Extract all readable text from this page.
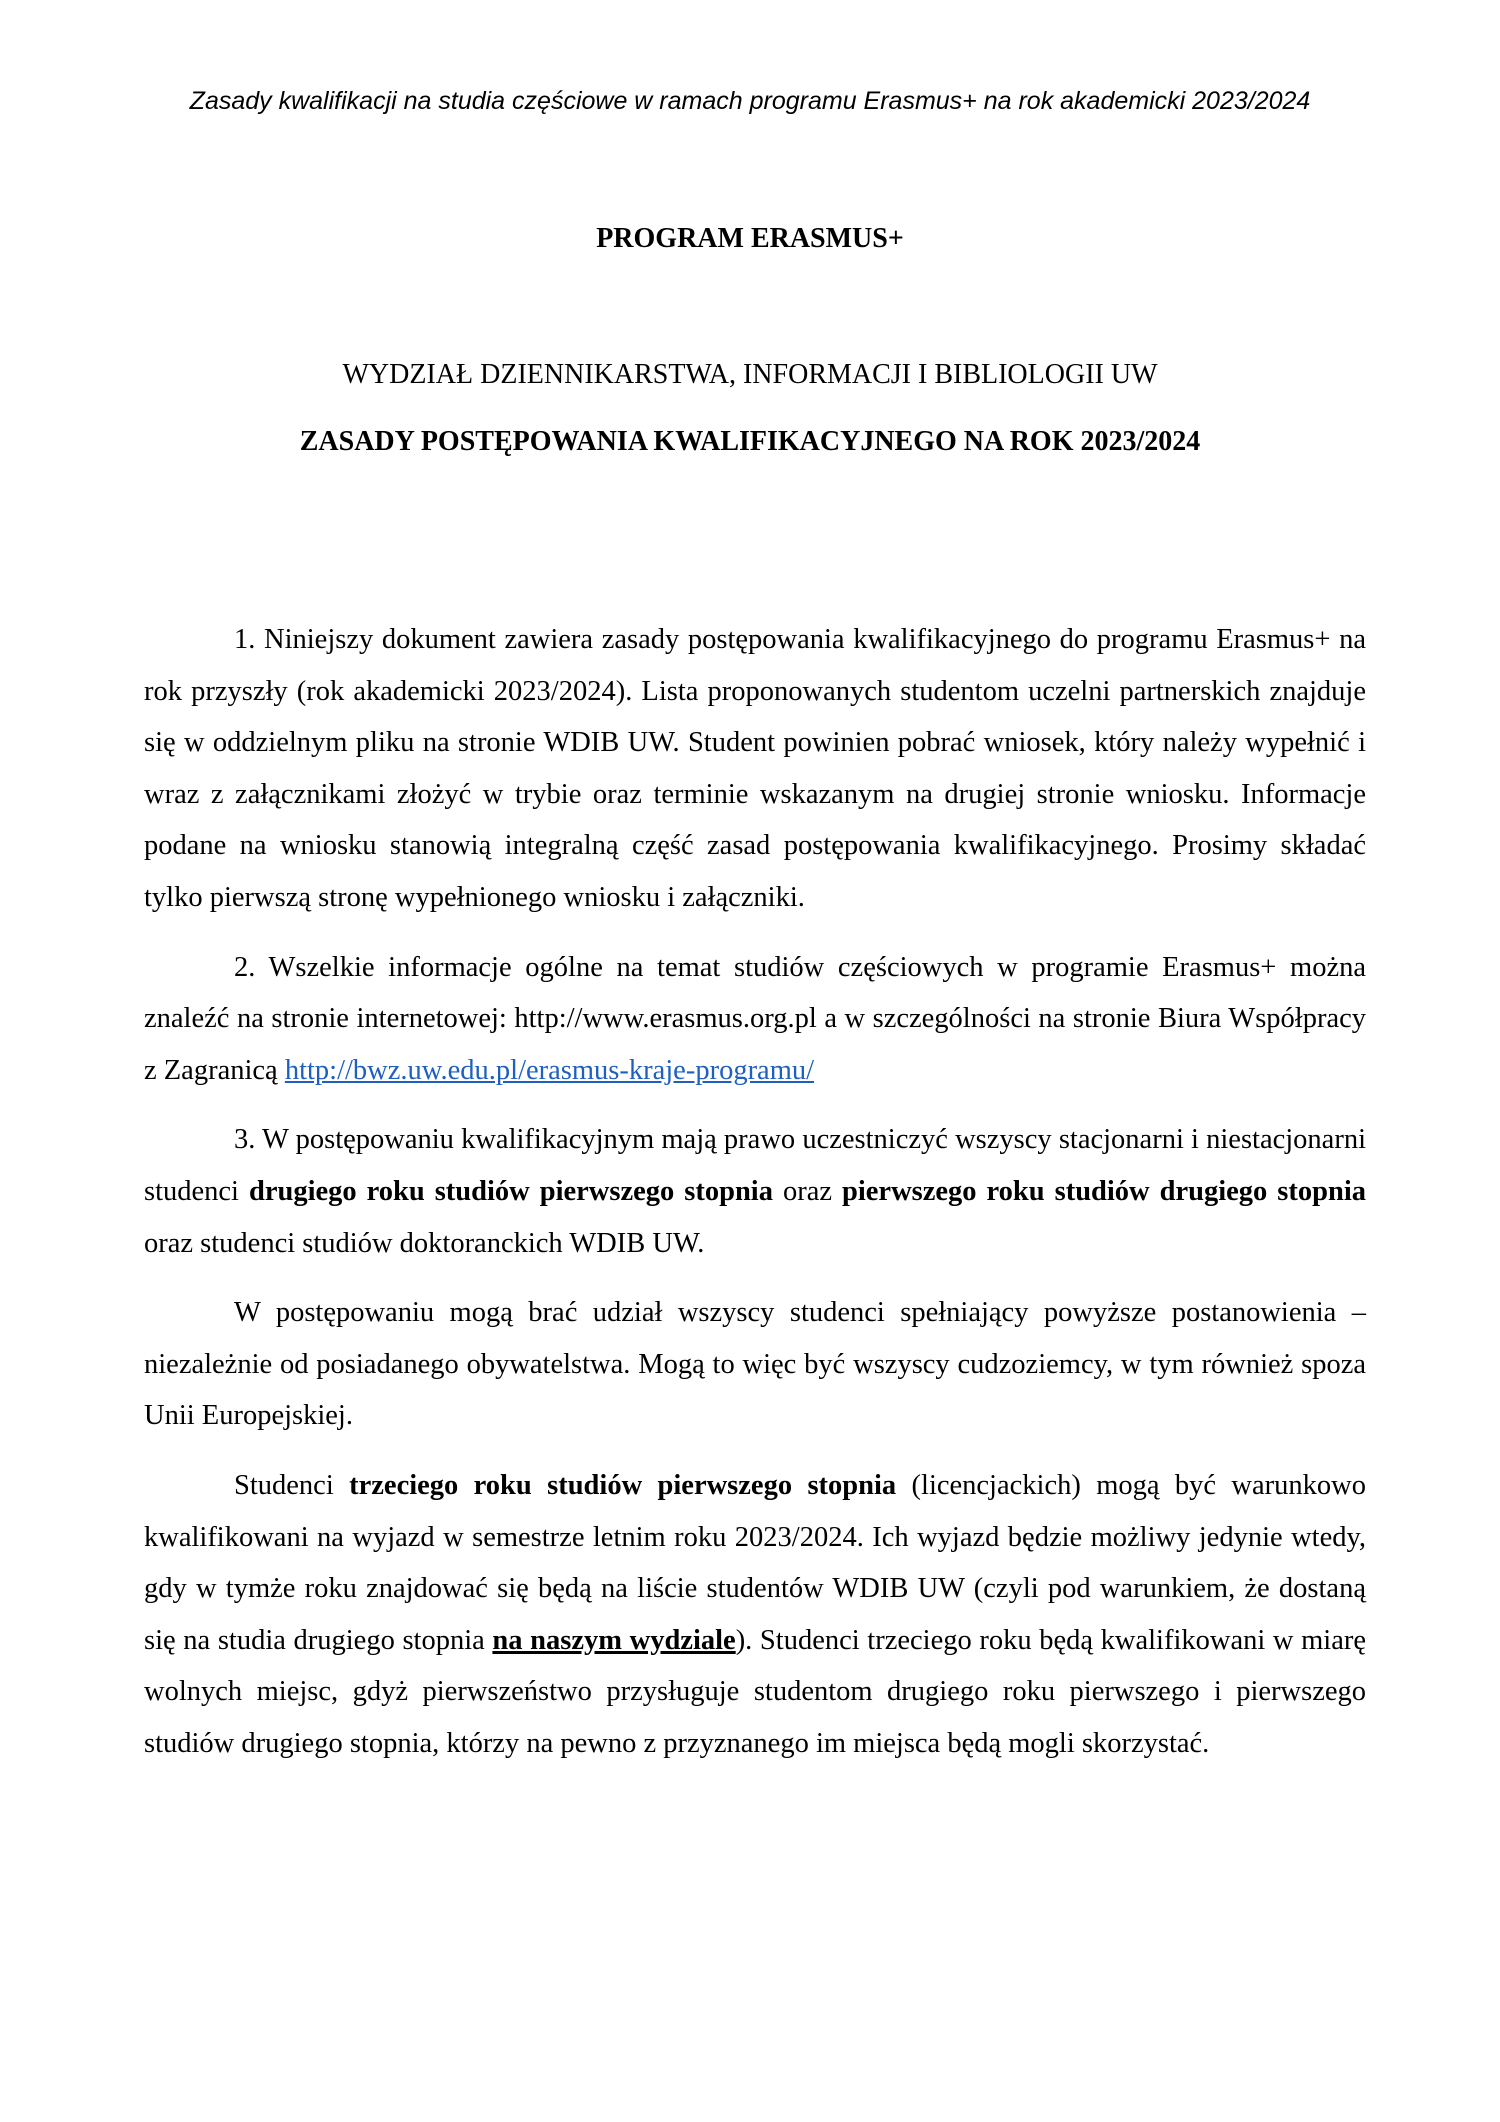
Zasady kwalifikacji na studia częściowe w ramach programu Erasmus+ na rok akademicki 2023/2024
PROGRAM ERASMUS+
WYDZIAŁ DZIENNIKARSTWA, INFORMACJI I BIBLIOLOGII UW
ZASADY POSTĘPOWANIA KWALIFIKACYJNEGO NA ROK 2023/2024

1. Niniejszy dokument zawiera zasady postępowania kwalifikacyjnego do programu Erasmus+ na rok przyszły (rok akademicki 2023/2024). Lista proponowanych studentom uczelni partnerskich znajduje się w oddzielnym pliku na stronie WDIB UW. Student powinien pobrać wniosek, który należy wypełnić i wraz z załącznikami złożyć w trybie oraz terminie wskazanym na drugiej stronie wniosku. Informacje podane na wniosku stanowią integralną część zasad postępowania kwalifikacyjnego. Prosimy składać tylko pierwszą stronę wypełnionego wniosku i załączniki.

2. Wszelkie informacje ogólne na temat studiów częściowych w programie Erasmus+ można znaleźć na stronie internetowej: http://www.erasmus.org.pl a w szczególności na stronie Biura Współpracy z Zagranicą http://bwz.uw.edu.pl/erasmus-kraje-programu/

3. W postępowaniu kwalifikacyjnym mają prawo uczestniczyć wszyscy stacjonarni i niestacjonarni studenci drugiego roku studiów pierwszego stopnia oraz pierwszego roku studiów drugiego stopnia oraz studenci studiów doktoranckich WDIB UW.

W postępowaniu mogą brać udział wszyscy studenci spełniający powyższe postanowienia – niezależnie od posiadanego obywatelstwa. Mogą to więc być wszyscy cudzoziemcy, w tym również spoza Unii Europejskiej.

Studenci trzeciego roku studiów pierwszego stopnia (licencjackich) mogą być warunkowo kwalifikowani na wyjazd w semestrze letnim roku 2023/2024. Ich wyjazd będzie możliwy jedynie wtedy, gdy w tymże roku znajdować się będą na liście studentów WDIB UW (czyli pod warunkiem, że dostaną się na studia drugiego stopnia na naszym wydziale). Studenci trzeciego roku będą kwalifikowani w miarę wolnych miejsc, gdyż pierwszeństwo przysługuje studentom drugiego roku pierwszego i pierwszego studiów drugiego stopnia, którzy na pewno z przyznanego im miejsca będą mogli skorzystać.
